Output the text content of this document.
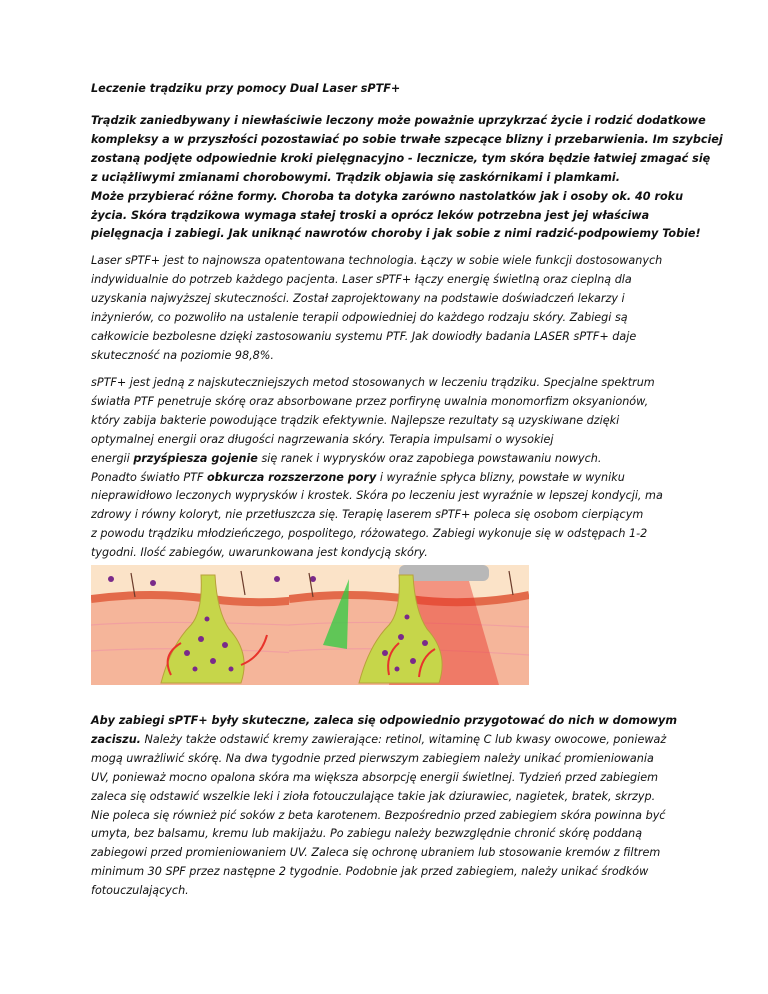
Leczenie trądziku przy pomocy Dual Laser sPTF+

Trądzik zaniedbywany i niewłaściwie leczony może poważnie uprzykrzać życie i rodzić dodatkowe
kompleksy a w przyszłości pozostawiać po sobie trwałe szpecące blizny i przebarwienia. Im szybciej
zostaną podjęte odpowiednie kroki pielęgnacyjno - lecznicze, tym skóra będzie łatwiej zmagać się
z uciążliwymi zmianami chorobowymi. Trądzik objawia się zaskórnikami i plamkami.
Może przybierać różne formy. Choroba ta dotyka zarówno nastolatków jak i osoby ok. 40 roku
życia. Skóra trądzikowa wymaga stałej troski a oprócz leków potrzebna jest jej właściwa
pielęgnacja i zabiegi. Jak uniknąć nawrotów choroby i jak sobie z nimi radzić-podpowiemy Tobie!

Laser sPTF+ jest to najnowsza opatentowana technologia. Łączy w sobie wiele funkcji dostosowanych
indywidualnie do potrzeb każdego pacjenta. Laser sPTF+ łączy energię świetlną oraz cieplną dla
uzyskania najwyższej skuteczności. Został zaprojektowany na podstawie doświadczeń lekarzy i
inżynierów, co pozwoliło na ustalenie terapii odpowiedniej do każdego rodzaju skóry. Zabiegi są
całkowicie bezbolesne dzięki zastosowaniu systemu PTF. Jak dowiodły badania LASER sPTF+ daje
skuteczność na poziomie 98,8%.

sPTF+ jest jedną z najskuteczniejszych metod stosowanych w leczeniu trądziku. Specjalne spektrum
światła PTF penetruje skórę oraz absorbowane przez porfirynę uwalnia monomorfizm oksyanionów,
który zabija bakterie powodujące trądzik efektywnie. Najlepsze rezultaty są uzyskiwane dzięki
optymalnej energii oraz długości nagrzewania skóry. Terapia impulsami o wysokiej
energii przyśpiesza gojenie się ranek i wyprysków oraz zapobiega powstawaniu nowych.
Ponadto światło PTF obkurcza rozszerzone pory i wyraźnie spłyca blizny, powstałe w wyniku
nieprawidłowo leczonych wyprysków i krostek. Skóra po leczeniu jest wyraźnie w lepszej kondycji, ma
zdrowy i równy koloryt, nie przetłuszcza się. Terapię laserem sPTF+ poleca się osobom cierpiącym
z powodu trądziku młodzieńczego, pospolitego, różowatego. Zabiegi wykonuje się w odstępach 1-2
tygodni. Ilość zabiegów, uwarunkowana jest kondycją skóry.

Aby zabiegi sPTF+ były skuteczne, zaleca się odpowiednio przygotować do nich w domowym
zaciszu. Należy także odstawić kremy zawierające: retinol, witaminę C lub kwasy owocowe, ponieważ
mogą uwrażliwić skórę. Na dwa tygodnie przed pierwszym zabiegiem należy unikać promieniowania
UV, ponieważ mocno opalona skóra ma większa absorpcję energii świetlnej. Tydzień przed zabiegiem
zaleca się odstawić wszelkie leki i zioła fotouczulające takie jak dziurawiec, nagietek, bratek, skrzyp.
Nie poleca się również pić soków z beta karotenem. Bezpośrednio przed zabiegiem skóra powinna być
umyta, bez balsamu, kremu lub makijażu. Po zabiegu należy bezwzględnie chronić skórę poddaną
zabiegowi przed promieniowaniem UV. Zaleca się ochronę ubraniem lub stosowanie kremów z filtrem
minimum 30 SPF przez następne 2 tygodnie. Podobnie jak przed zabiegiem, należy unikać środków
fotouczulających.
